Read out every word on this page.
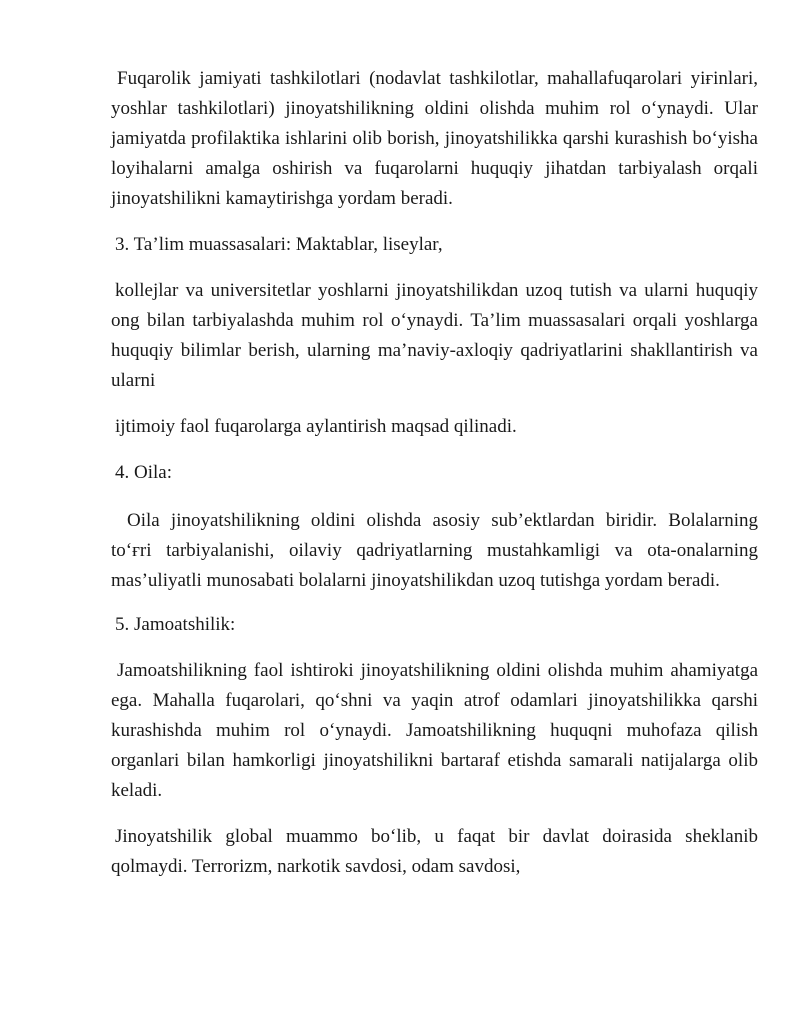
Fuqarolik jamiyati tashkilotlari (nodavlat tashkilotlar, mahallafuqarolari yiғinlari, yoshlar tashkilotlari) jinoyatshilikning oldini olishda muhim rol o‘ynaydi. Ular jamiyatda profilaktika ishlarini olib borish, jinoyatshilikka qarshi kurashish bo‘yisha loyihalarni amalga oshirish va fuqarolarni huquqiy jihatdan tarbiyalash orqali jinoyatshilikni kamaytirishga yordam beradi.

3. Ta’lim muassasalari: Maktablar, liseylar,

kollejlar va universitetlar yoshlarni jinoyatshilikdan uzoq tutish va ularni huquqiy ong bilan tarbiyalashda muhim rol o‘ynaydi. Ta’lim muassasalari orqali yoshlarga huquqiy bilimlar berish, ularning ma’naviy-axloqiy qadriyatlarini shakllantirish va ularni

ijtimoiy faol fuqarolarga aylantirish maqsad qilinadi.

4. Oila:

Oila jinoyatshilikning oldini olishda asosiy sub’ektlardan biridir. Bolalarning to‘ғri tarbiyalanishi, oilaviy qadriyatlarning mustahkamligi va ota-onalarning mas’uliyatli munosabati bolalarni jinoyatshilikdan uzoq tutishga yordam beradi.

5. Jamoatshilik:

Jamoatshilikning faol ishtiroki jinoyatshilikning oldini olishda muhim ahamiyatga ega. Mahalla fuqarolari, qo‘shni va yaqin atrof odamlari jinoyatshilikka qarshi kurashishda muhim rol o‘ynaydi. Jamoatshilikning huquqni muhofaza qilish organlari bilan hamkorligi jinoyatshilikni bartaraf etishda samarali natijalarga olib keladi.

Jinoyatshilik global muammo bo‘lib, u faqat bir davlat doirasida sheklanib qolmaydi. Terrorizm, narkotik savdosi, odam savdosi,
